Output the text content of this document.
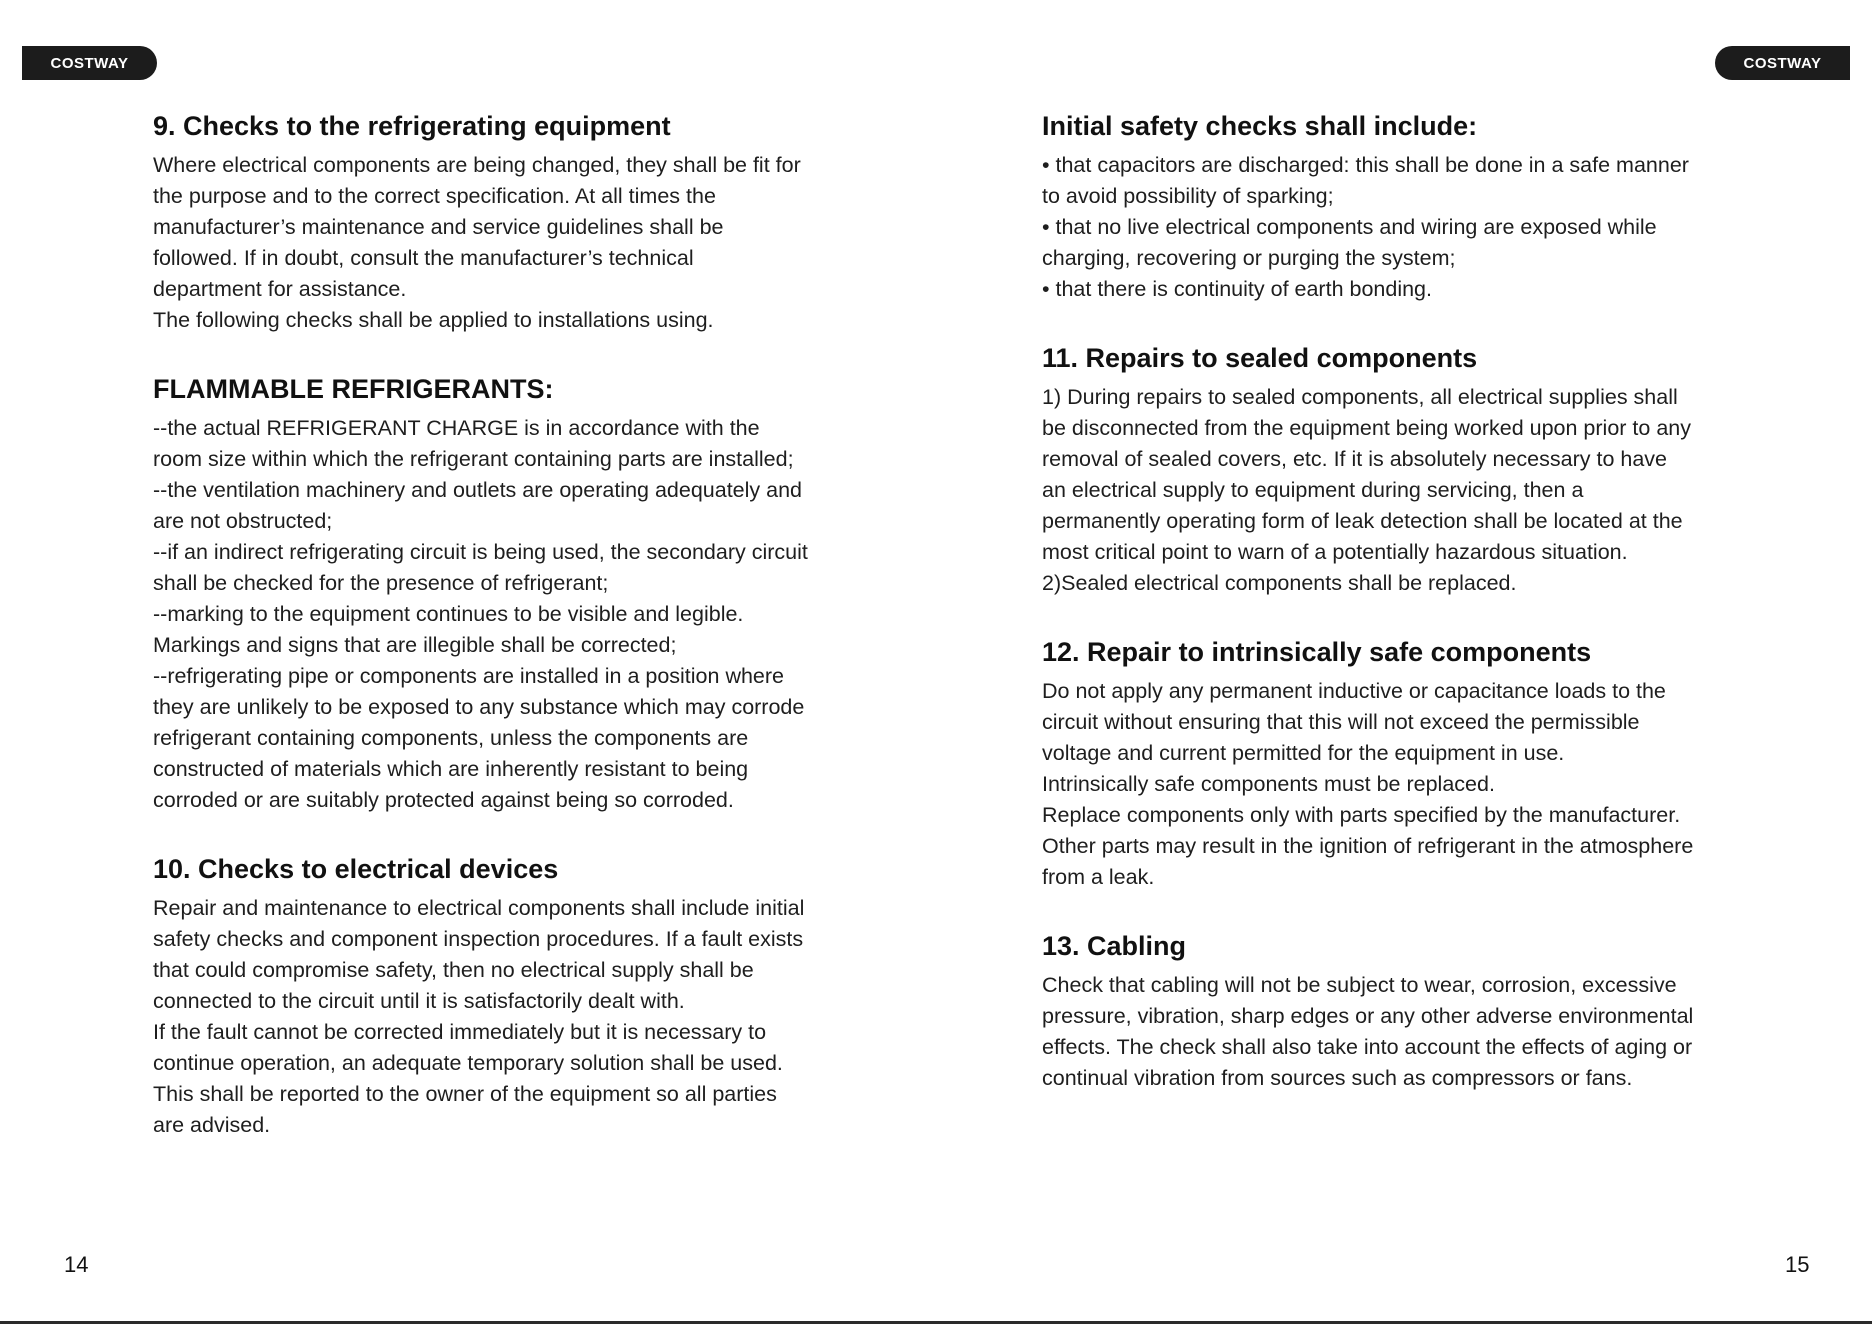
COSTWAY	COSTWAY
9. Checks to the refrigerating equipment

Where electrical components are being changed, they shall be fit for

the purpose and to the correct specification. At all times the

manufacturer’s maintenance and service guidelines shall be

followed. If in doubt, consult the manufacturer’s technical

department for assistance.

The following checks shall be applied to installations using.

FLAMMABLE REFRIGERANTS:

--the actual REFRIGERANT CHARGE is in accordance with the

room size within which the refrigerant containing parts are installed;

--the ventilation machinery and outlets are operating adequately and

are not obstructed;

--if an indirect refrigerating circuit is being used, the secondary circuit

shall be checked for the presence of refrigerant;

--marking to the equipment continues to be visible and legible.

Markings and signs that are illegible shall be corrected;

--refrigerating pipe or components are installed in a position where

they are unlikely to be exposed to any substance which may corrode

refrigerant containing components, unless the components are

constructed of materials which are inherently resistant to being

corroded or are suitably protected against being so corroded.

10. Checks to electrical devices

Repair and maintenance to electrical components shall include initial

safety checks and component inspection procedures. If a fault exists

that could compromise safety, then no electrical supply shall be

connected to the circuit until it is satisfactorily dealt with.

If the fault cannot be corrected immediately but it is necessary to

continue operation, an adequate temporary solution shall be used.

This shall be reported to the owner of the equipment so all parties

are advised.

Initial safety checks shall include:

• that capacitors are discharged: this shall be done in a safe manner

to avoid possibility of sparking;

• that no live electrical components and wiring are exposed while

charging, recovering or purging the system;

• that there is continuity of earth bonding.

11. Repairs to sealed components

1) During repairs to sealed components, all electrical supplies shall

be disconnected from the equipment being worked upon prior to any

removal of sealed covers, etc. If it is absolutely necessary to have

an electrical supply to equipment during servicing, then a

permanently operating form of leak detection shall be located at the

most critical point to warn of a potentially hazardous situation.

2)Sealed electrical components shall be replaced.

12. Repair to intrinsically safe components

Do not apply any permanent inductive or capacitance loads to the

circuit without ensuring that this will not exceed the permissible

voltage and current permitted for the equipment in use.

Intrinsically safe components must be replaced.

Replace components only with parts specified by the manufacturer.

Other parts may result in the ignition of refrigerant in the atmosphere

from a leak.

13. Cabling

Check that cabling will not be subject to wear, corrosion, excessive

pressure, vibration, sharp edges or any other adverse environmental

effects. The check shall also take into account the effects of aging or

continual vibration from sources such as compressors or fans.

14	15
